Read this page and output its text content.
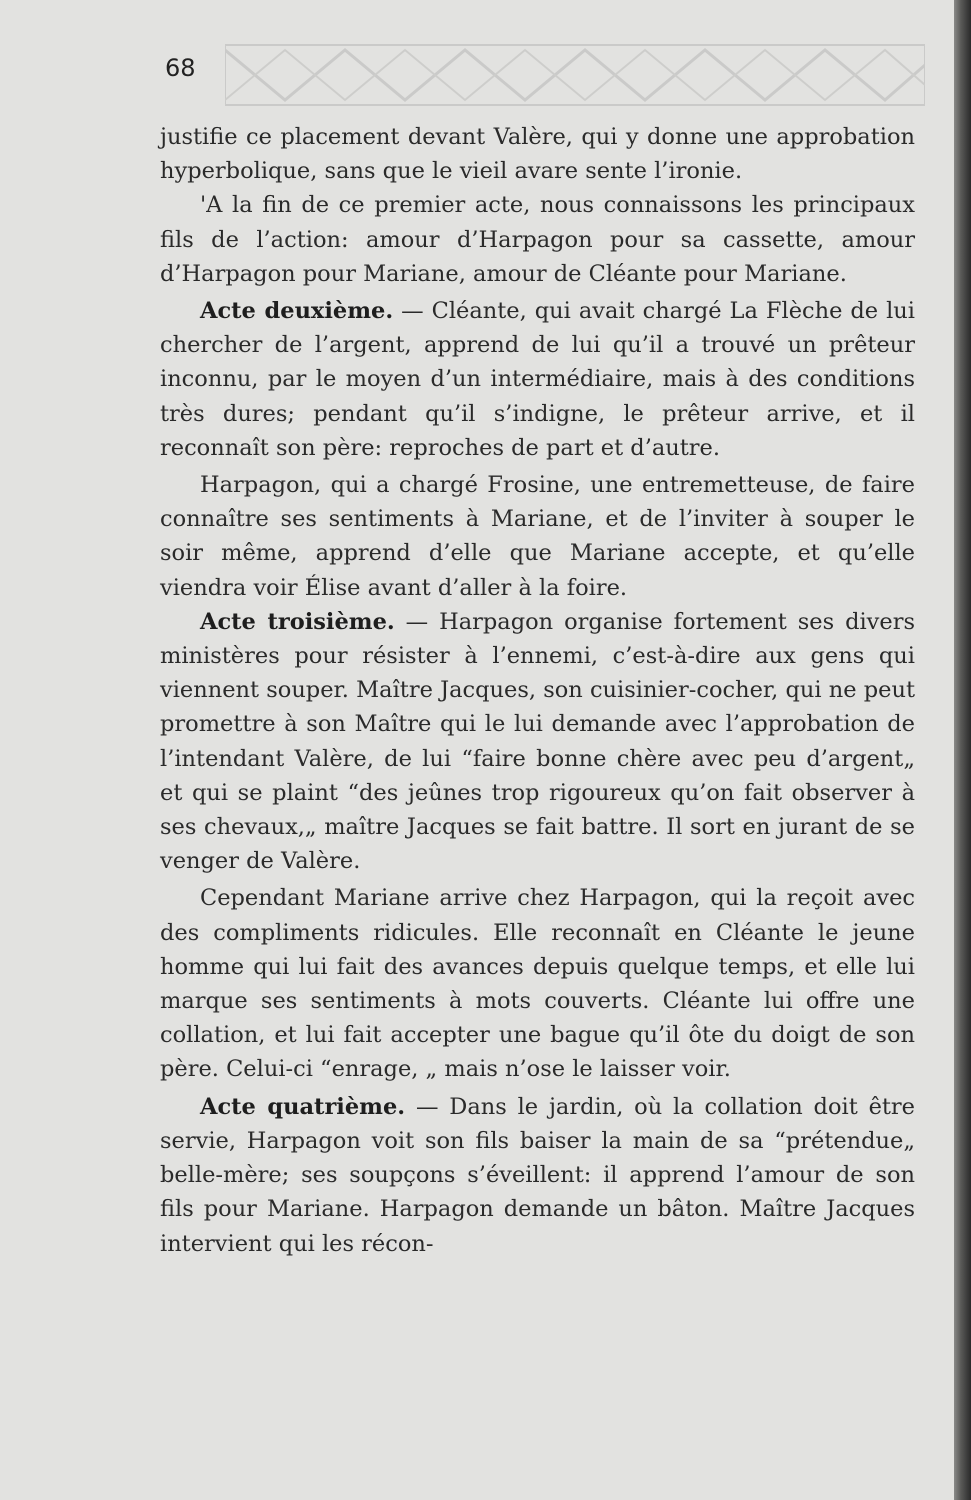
68

justifie ce placement devant Valère, qui y donne une approbation hyperbolique, sans que le vieil avare sente l’ironie.

'A la fin de ce premier acte, nous connaissons les principaux fils de l’action: amour d’Harpagon pour sa cassette, amour d’Harpagon pour Mariane, amour de Cléante pour Mariane.

Acte deuxième. — Cléante, qui avait chargé La Flèche de lui chercher de l’argent, apprend de lui qu’il a trouvé un prêteur inconnu, par le moyen d’un intermédiaire, mais à des conditions très dures; pendant qu’il s’indigne, le prêteur arrive, et il reconnaît son père: reproches de part et d’autre.

Harpagon, qui a chargé Frosine, une entremetteuse, de faire connaître ses sentiments à Mariane, et de l’inviter à souper le soir même, apprend d’elle que Mariane accepte, et qu’elle viendra voir Élise avant d’aller à la foire.

Acte troisième. — Harpagon organise fortement ses divers ministères pour résister à l’ennemi, c’est-à-dire aux gens qui viennent souper. Maître Jacques, son cuisinier-cocher, qui ne peut promettre à son Maître qui le lui demande avec l’approbation de l’intendant Valère, de lui “faire bonne chère avec peu d’argent„ et qui se plaint “des jeûnes trop rigoureux qu’on fait observer à ses chevaux,„ maître Jacques se fait battre. Il sort en jurant de se venger de Valère.

Cependant Mariane arrive chez Harpagon, qui la reçoit avec des compliments ridicules. Elle reconnaît en Cléante le jeune homme qui lui fait des avances depuis quelque temps, et elle lui marque ses sentiments à mots couverts. Cléante lui offre une collation, et lui fait accepter une bague qu’il ôte du doigt de son père. Celui-ci “enrage, „ mais n’ose le laisser voir.

Acte quatrième. — Dans le jardin, où la collation doit être servie, Harpagon voit son fils baiser la main de sa “prétendue„ belle-mère; ses soupçons s’éveillent: il apprend l’amour de son fils pour Mariane. Harpagon demande un bâton. Maître Jacques intervient qui les récon-
